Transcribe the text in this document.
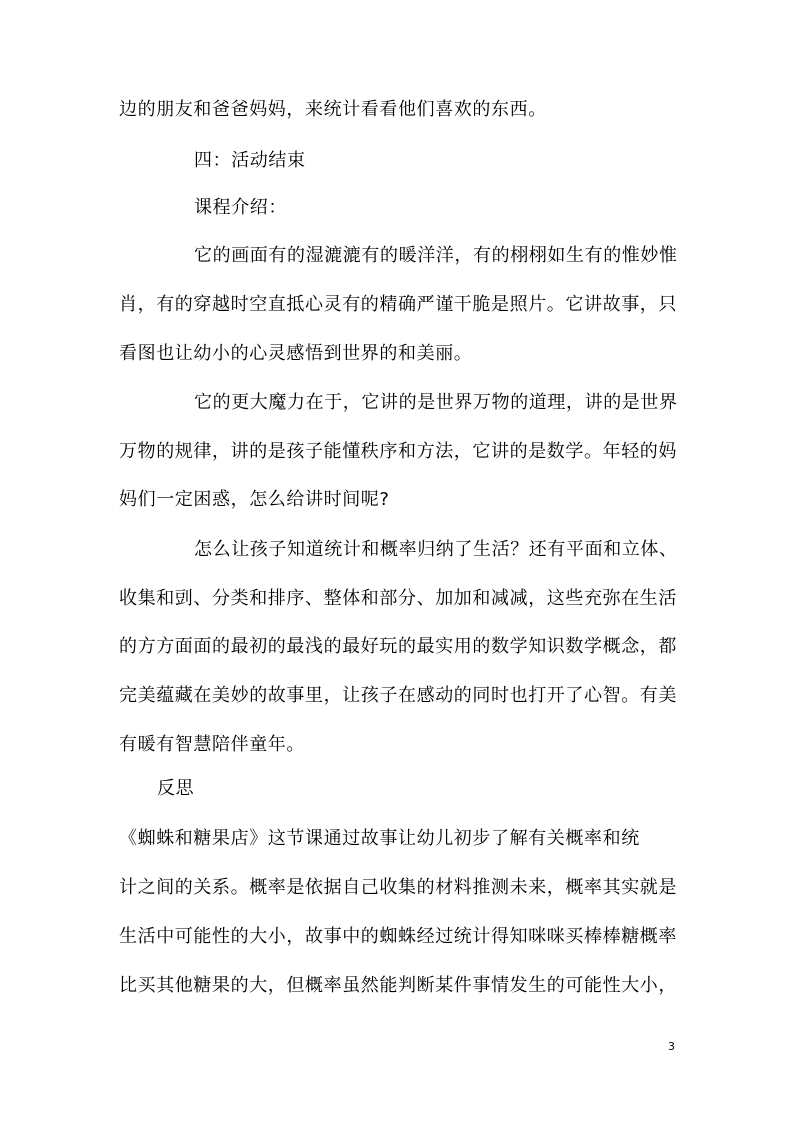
边的朋友和爸爸妈妈，来统计看看他们喜欢的东西。
四：活动结束
课程介绍：
它的画面有的湿漉漉有的暖洋洋，有的栩栩如生有的惟妙惟
肖，有的穿越时空直抵心灵有的精确严谨干脆是照片。它讲故事，只
看图也让幼小的心灵感悟到世界的和美丽。
它的更大魔力在于，它讲的是世界万物的道理，讲的是世界
万物的规律，讲的是孩子能懂秩序和方法，它讲的是数学。年轻的妈
妈们一定困惑，怎么给讲时间呢?
怎么让孩子知道统计和概率归纳了生活？还有平面和立体、
收集和剅、分类和排序、整体和部分、加加和减减，这些充弥在生活
的方方面面的最初的最浅的最好玩的最实用的数学知识数学概念，都
完美蕴藏在美妙的故事里，让孩子在感动的同时也打开了心智。有美
有暖有智慧陪伴童年。
反思
《蜘蛛和糖果店》这节课通过故事让幼儿初步了解有关概率和统
计之间的关系。概率是依据自己收集的材料推测未来，概率其实就是
生活中可能性的大小，故事中的蜘蛛经过统计得知咪咪买棒棒糖概率
比买其他糖果的大，但概率虽然能判断某件事情发生的可能性大小，
3
